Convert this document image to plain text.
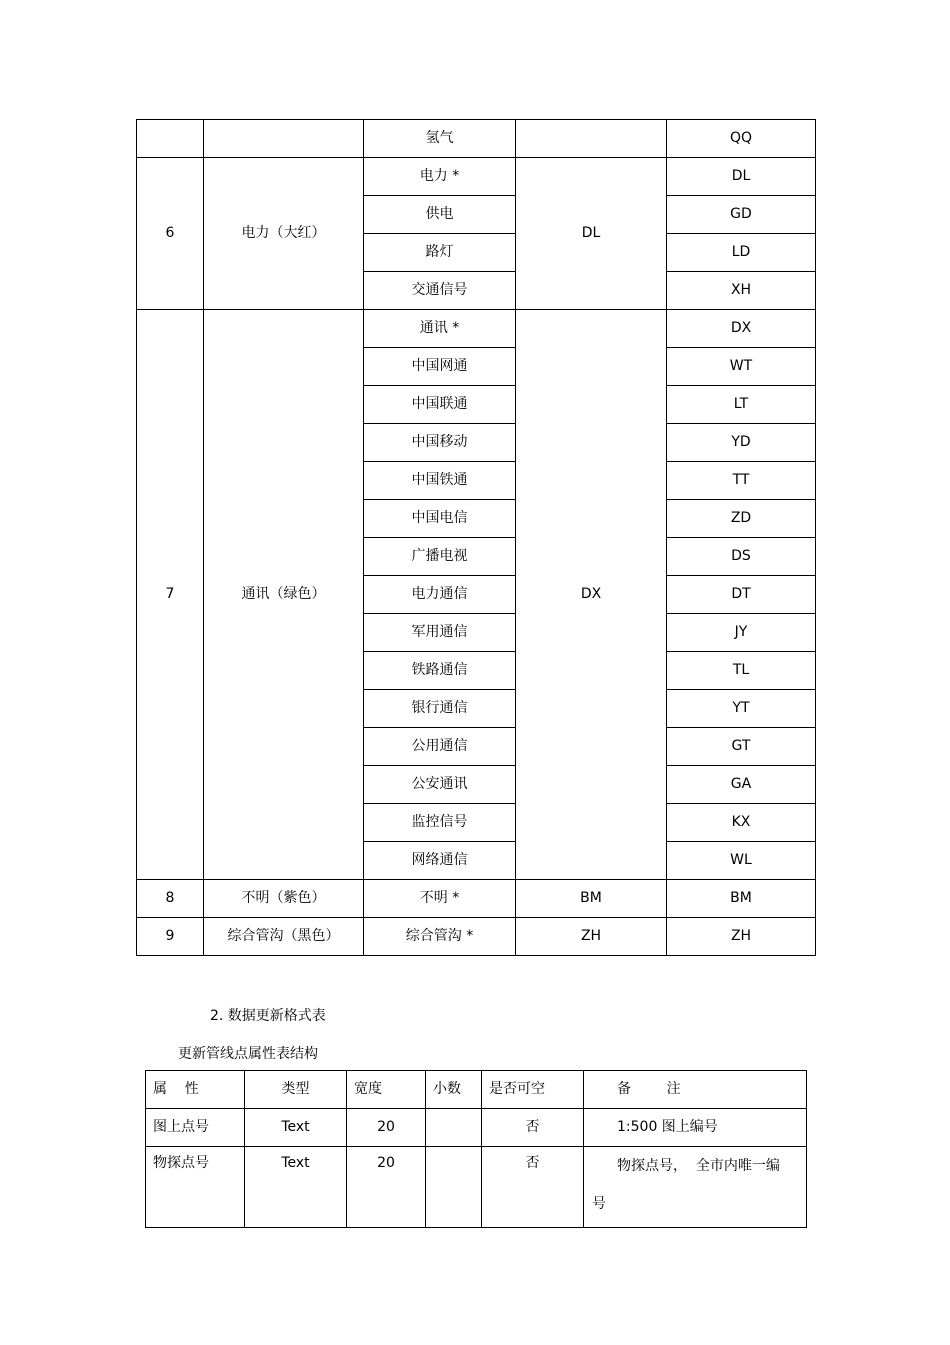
		氢气		QQ
6	电力（大红）	电力 *	DL	DL
		供电		GD
		路灯		LD
		交通信号		XH
7	通讯（绿色）	通讯 *	DX	DX
		中国网通		WT
		中国联通		LT
		中国移动		YD
		中国铁通		TT
		中国电信		ZD
		广播电视		DS
		电力通信		DT
		军用通信		JY
		铁路通信		TL
		银行通信		YT
		公用通信		GT
		公安通讯		GA
		监控信号		KX
		网络通信		WL
8	不明（紫色）	不明 *	BM	BM
9	综合管沟（黑色）	综合管沟 *	ZH	ZH
2. 数据更新格式表
更新管线点属性表结构
属    性	类型	宽度	小数	是否可空	备        注
图上点号	Text	20		否	1:500 图上编号
物探点号	Text	20		否	物探点号，  全市内唯一编
号
